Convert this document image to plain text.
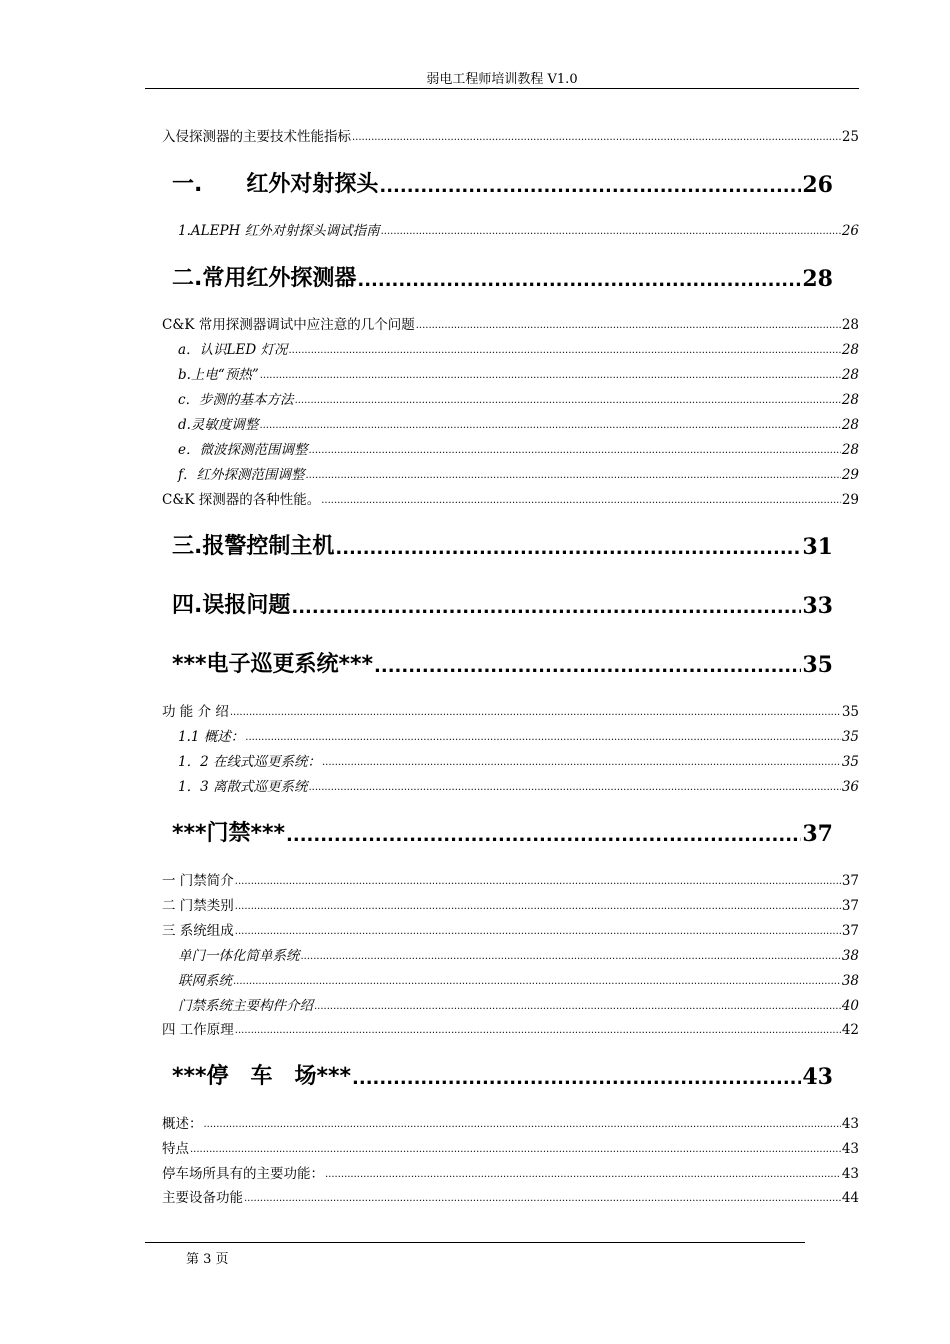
弱电工程师培训教程 V1.0
入侵探测器的主要技术性能指标 .....	25
一.　　红外对射探头 .....	26
1.ALEPH 红外对射探头调试指南 .....	26
二.常用红外探测器 .....	28
C&K 常用探测器调试中应注意的几个问题 .....	28
a．认识LED 灯况 .....	28
b.上电“预热” .....	28
c．步测的基本方法 .....	28
d.灵敏度调整 .....	28
e．微波探测范围调整 .....	28
f．红外探测范围调整 .....	29
C&K 探测器的各种性能。 .....	29
三.报警控制主机 .....	31
四.误报问题 .....	33
***电子巡更系统*** .....	35
功 能 介 绍 .....	35
1.1 概述： .....	35
1．2 在线式巡更系统： .....	35
1．3 离散式巡更系统 .....	36
***门禁*** .....	37
一 门禁简介 .....	37
二 门禁类别 .....	37
三 系统组成 .....	37
单门一体化简单系统 .....	38
联网系统 .....	38
门禁系统主要构件介绍 .....	40
四 工作原理 .....	42
***停　车　场*** .....	43
概述： .....	43
特点 .....	43
停车场所具有的主要功能： .....	43
主要设备功能 .....	44
第 3 页
